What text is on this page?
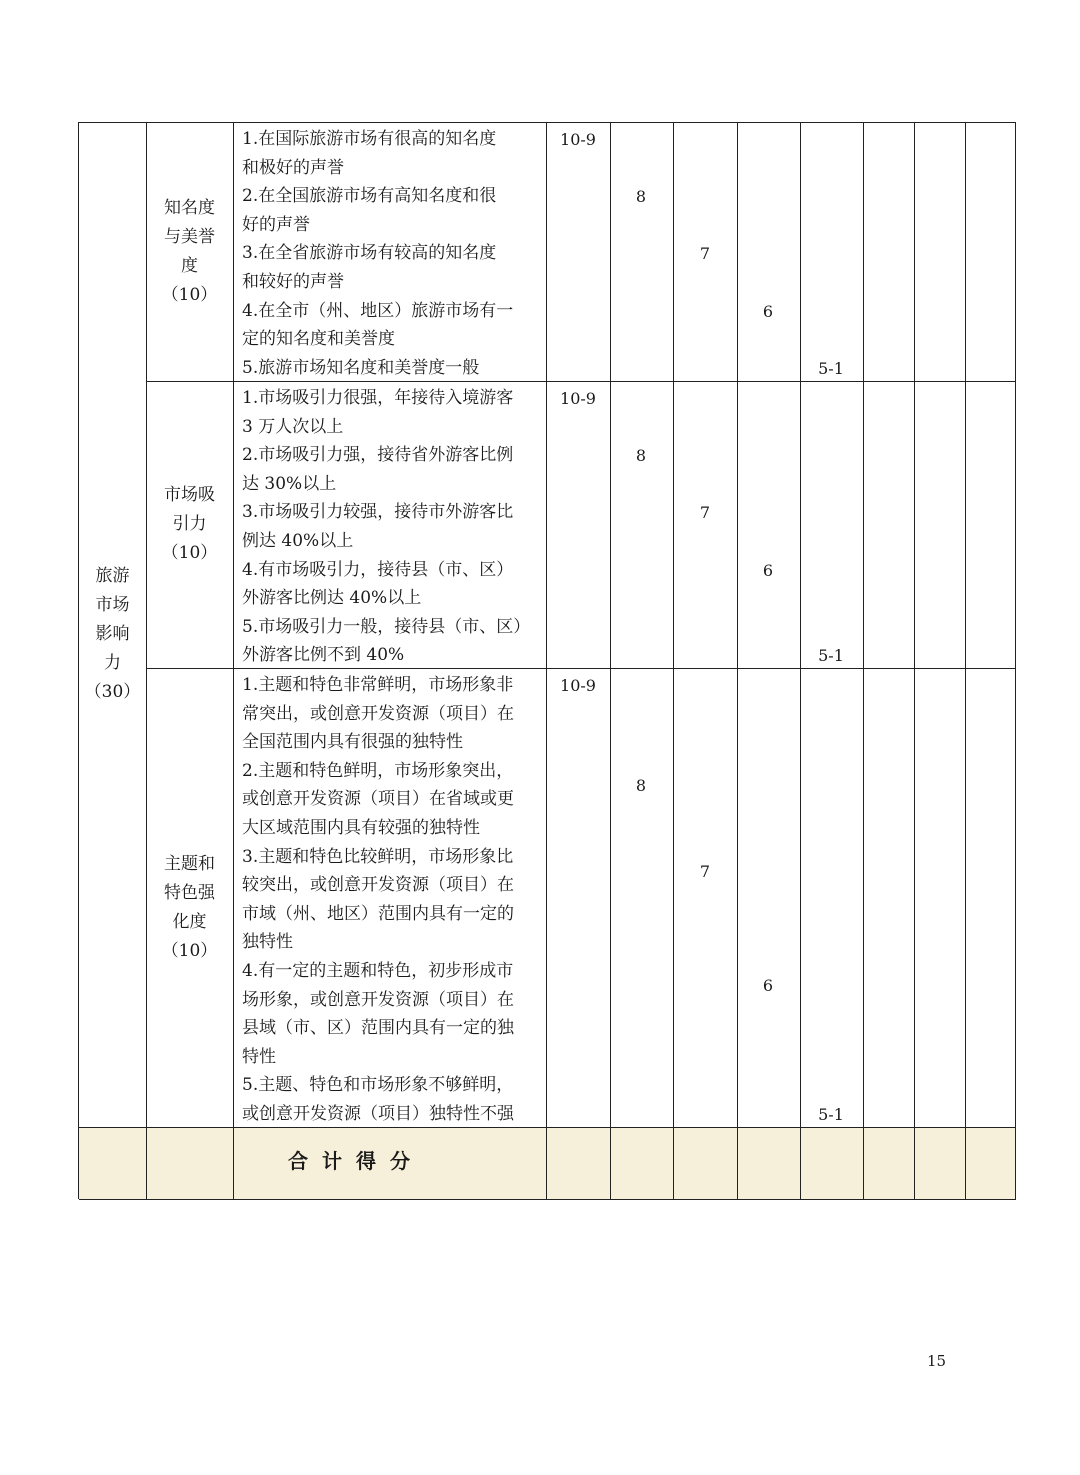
旅游
市场
影响
力
（30）
知名度
与美誉
度
（10）
1.在国际旅游市场有很高的知名度
和极好的声誉
2.在全国旅游市场有高知名度和很
好的声誉
3.在全省旅游市场有较高的知名度
和较好的声誉
4.在全市（州、地区）旅游市场有一
定的知名度和美誉度
5.旅游市场知名度和美誉度一般
10-9
8
7
6
5-1
市场吸
引力
（10）
1.市场吸引力很强，年接待入境游客
3 万人次以上
2.市场吸引力强，接待省外游客比例
达 30%以上
3.市场吸引力较强，接待市外游客比
例达 40%以上
4.有市场吸引力，接待县（市、区）
外游客比例达 40%以上
5.市场吸引力一般，接待县（市、区）
外游客比例不到 40%
10-9
8
7
6
5-1
主题和
特色强
化度
（10）
1.主题和特色非常鲜明，市场形象非
常突出，或创意开发资源（项目）在
全国范围内具有很强的独特性
2.主题和特色鲜明，市场形象突出，
或创意开发资源（项目）在省域或更
大区域范围内具有较强的独特性
3.主题和特色比较鲜明，市场形象比
较突出，或创意开发资源（项目）在
市域（州、地区）范围内具有一定的
独特性
4.有一定的主题和特色，初步形成市
场形象，或创意开发资源（项目）在
县域（市、区）范围内具有一定的独
特性
5.主题、特色和市场形象不够鲜明，
或创意开发资源（项目）独特性不强
10-9
8
7
6
5-1
合计得分
15
